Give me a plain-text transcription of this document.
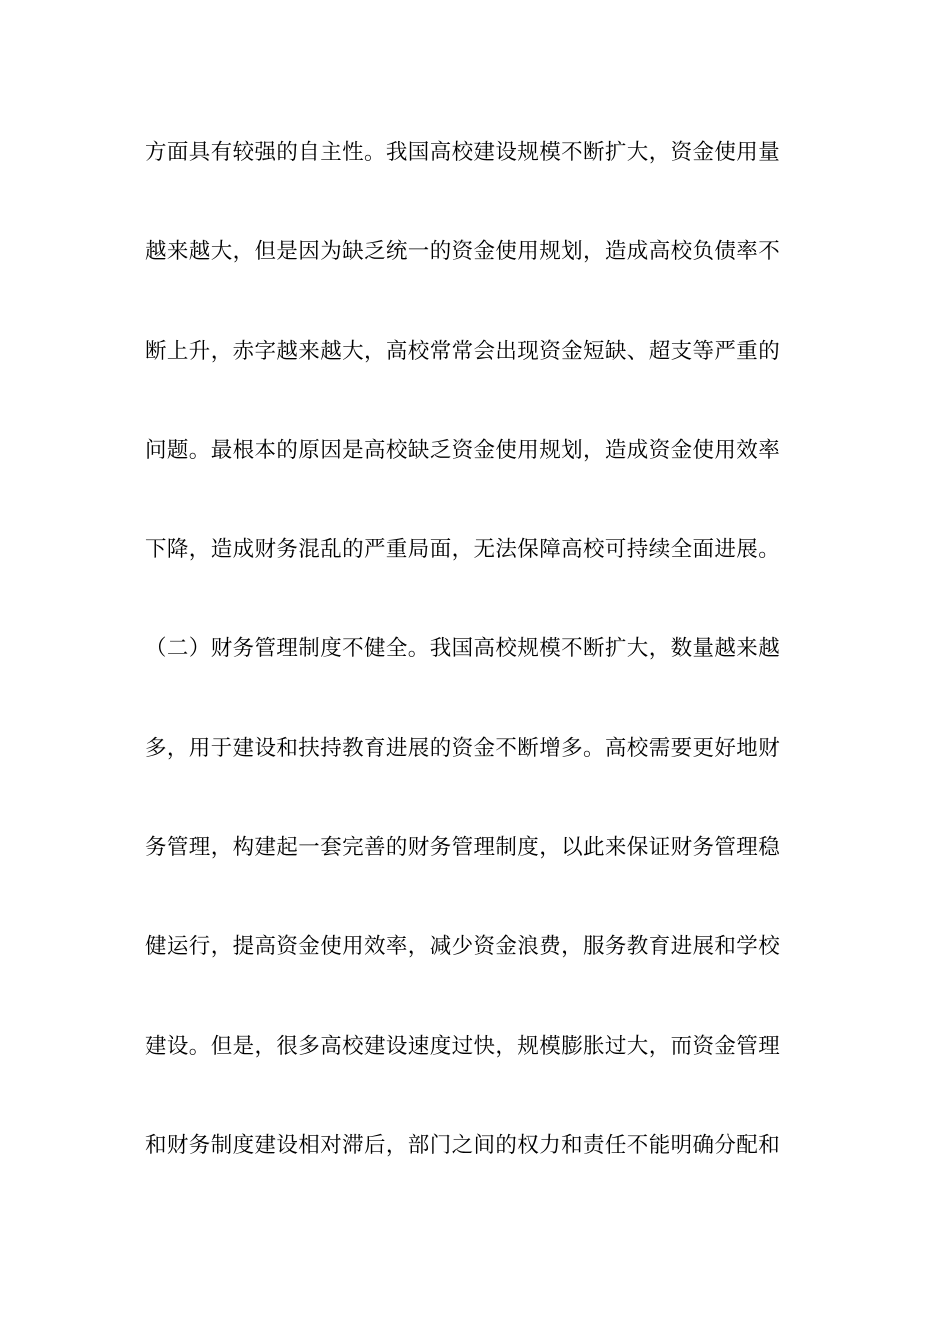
方面具有较强的自主性。我国高校建设规模不断扩大，资金使用量
越来越大，但是因为缺乏统一的资金使用规划，造成高校负债率不
断上升，赤字越来越大，高校常常会出现资金短缺、超支等严重的
问题。最根本的原因是高校缺乏资金使用规划，造成资金使用效率
下降，造成财务混乱的严重局面，无法保障高校可持续全面进展。
（二）财务管理制度不健全。我国高校规模不断扩大，数量越来越
多，用于建设和扶持教育进展的资金不断增多。高校需要更好地财
务管理，构建起一套完善的财务管理制度，以此来保证财务管理稳
健运行，提高资金使用效率，减少资金浪费，服务教育进展和学校
建设。但是，很多高校建设速度过快，规模膨胀过大，而资金管理
和财务制度建设相对滞后，部门之间的权力和责任不能明确分配和
